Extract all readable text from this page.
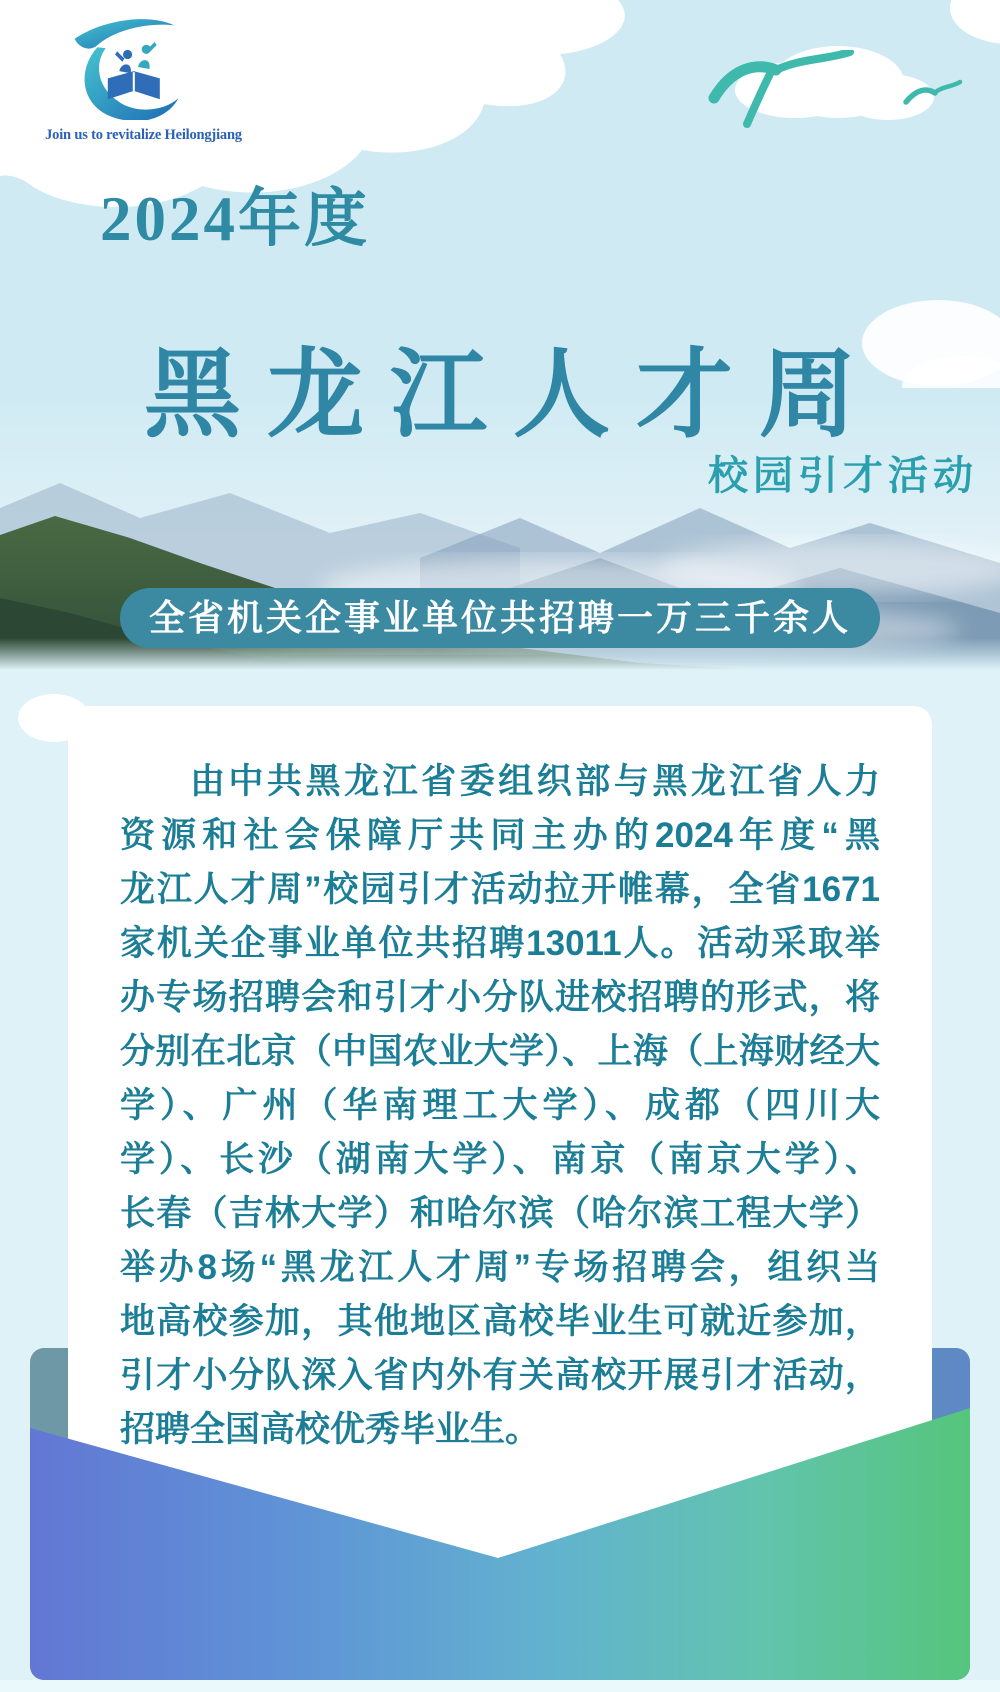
Join us to revitalize Heilongjiang
2024年度
黑龙江人才周
校园引才活动
全省机关企事业单位共招聘一万三千余人
由中共黑龙江省委组织部与黑龙江省人力
资源和社会保障厅共同主办的2024年度“黑
龙江人才周”校园引才活动拉开帷幕，全省1671
家机关企事业单位共招聘13011人。活动采取举
办专场招聘会和引才小分队进校招聘的形式，将
分别在北京（中国农业大学）、上海（上海财经大
学）、广州（华南理工大学）、成都（四川大
学）、长沙（湖南大学）、南京（南京大学）、
长春（吉林大学）和哈尔滨（哈尔滨工程大学）
举办8场“黑龙江人才周”专场招聘会，组织当
地高校参加，其他地区高校毕业生可就近参加，
引才小分队深入省内外有关高校开展引才活动，
招聘全国高校优秀毕业生。
